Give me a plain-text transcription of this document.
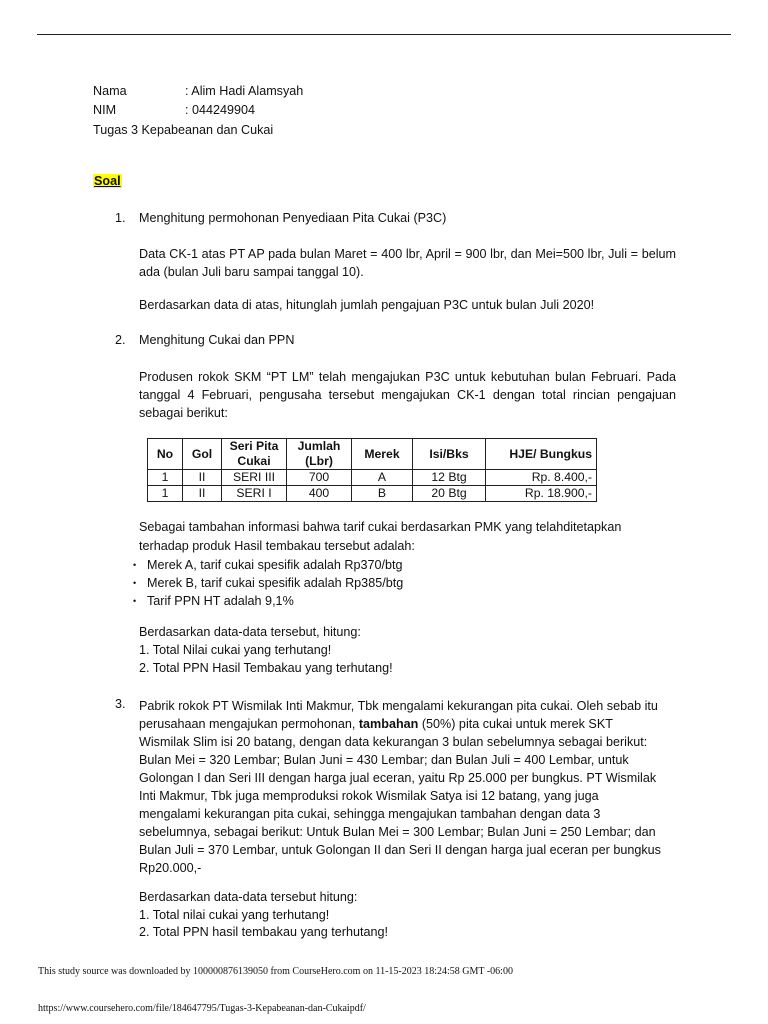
Nama	: Alim Hadi Alamsyah
NIM	: 044249904
Tugas 3 Kepabeanan dan Cukai
Soal
1. Menghitung permohonan Penyediaan Pita Cukai (P3C)
Data CK-1 atas PT AP pada bulan Maret = 400 lbr, April = 900 lbr, dan Mei=500 lbr, Juli = belum ada (bulan Juli baru sampai tanggal 10).
Berdasarkan data di atas, hitunglah jumlah pengajuan P3C untuk bulan Juli 2020!
2. Menghitung Cukai dan PPN
Produsen rokok SKM “PT LM” telah mengajukan P3C untuk kebutuhan bulan Februari. Pada tanggal 4 Februari, pengusaha tersebut mengajukan CK-1 dengan total rincian pengajuan sebagai berikut:
No	Gol	Seri Pita Cukai	Jumlah (Lbr)	Merek	Isi/Bks	HJE/ Bungkus
1	II	SERI III	700	A	12 Btg	Rp. 8.400,-
1	II	SERI I	400	B	20 Btg	Rp. 18.900,-
Sebagai tambahan informasi bahwa tarif cukai berdasarkan PMK yang telahditetapkan
terhadap produk Hasil tembakau tersebut adalah:
• Merek A, tarif cukai spesifik adalah Rp370/btg
• Merek B, tarif cukai spesifik adalah Rp385/btg
• Tarif PPN HT adalah 9,1%
Berdasarkan data-data tersebut, hitung:
1. Total Nilai cukai yang terhutang!
2. Total PPN Hasil Tembakau yang terhutang!
3. Pabrik rokok PT Wismilak Inti Makmur, Tbk mengalami kekurangan pita cukai. Oleh sebab itu
perusahaan mengajukan permohonan, tambahan (50%) pita cukai untuk merek SKT
Wismilak Slim isi 20 batang, dengan data kekurangan 3 bulan sebelumnya sebagai berikut:
Bulan Mei = 320 Lembar; Bulan Juni = 430 Lembar; dan Bulan Juli = 400 Lembar, untuk
Golongan I dan Seri III dengan harga jual eceran, yaitu Rp 25.000 per bungkus. PT Wismilak
Inti Makmur, Tbk juga memproduksi rokok Wismilak Satya isi 12 batang, yang juga
mengalami kekurangan pita cukai, sehingga mengajukan tambahan dengan data 3
sebelumnya, sebagai berikut: Untuk Bulan Mei = 300 Lembar; Bulan Juni = 250 Lembar; dan
Bulan Juli = 370 Lembar, untuk Golongan II dan Seri II dengan harga jual eceran per bungkus
Rp20.000,-
Berdasarkan data-data tersebut hitung:
1. Total nilai cukai yang terhutang!
2. Total PPN hasil tembakau yang terhutang!
This study source was downloaded by 100000876139050 from CourseHero.com on 11-15-2023 18:24:58 GMT -06:00
https://www.coursehero.com/file/184647795/Tugas-3-Kepabeanan-dan-Cukaipdf/
